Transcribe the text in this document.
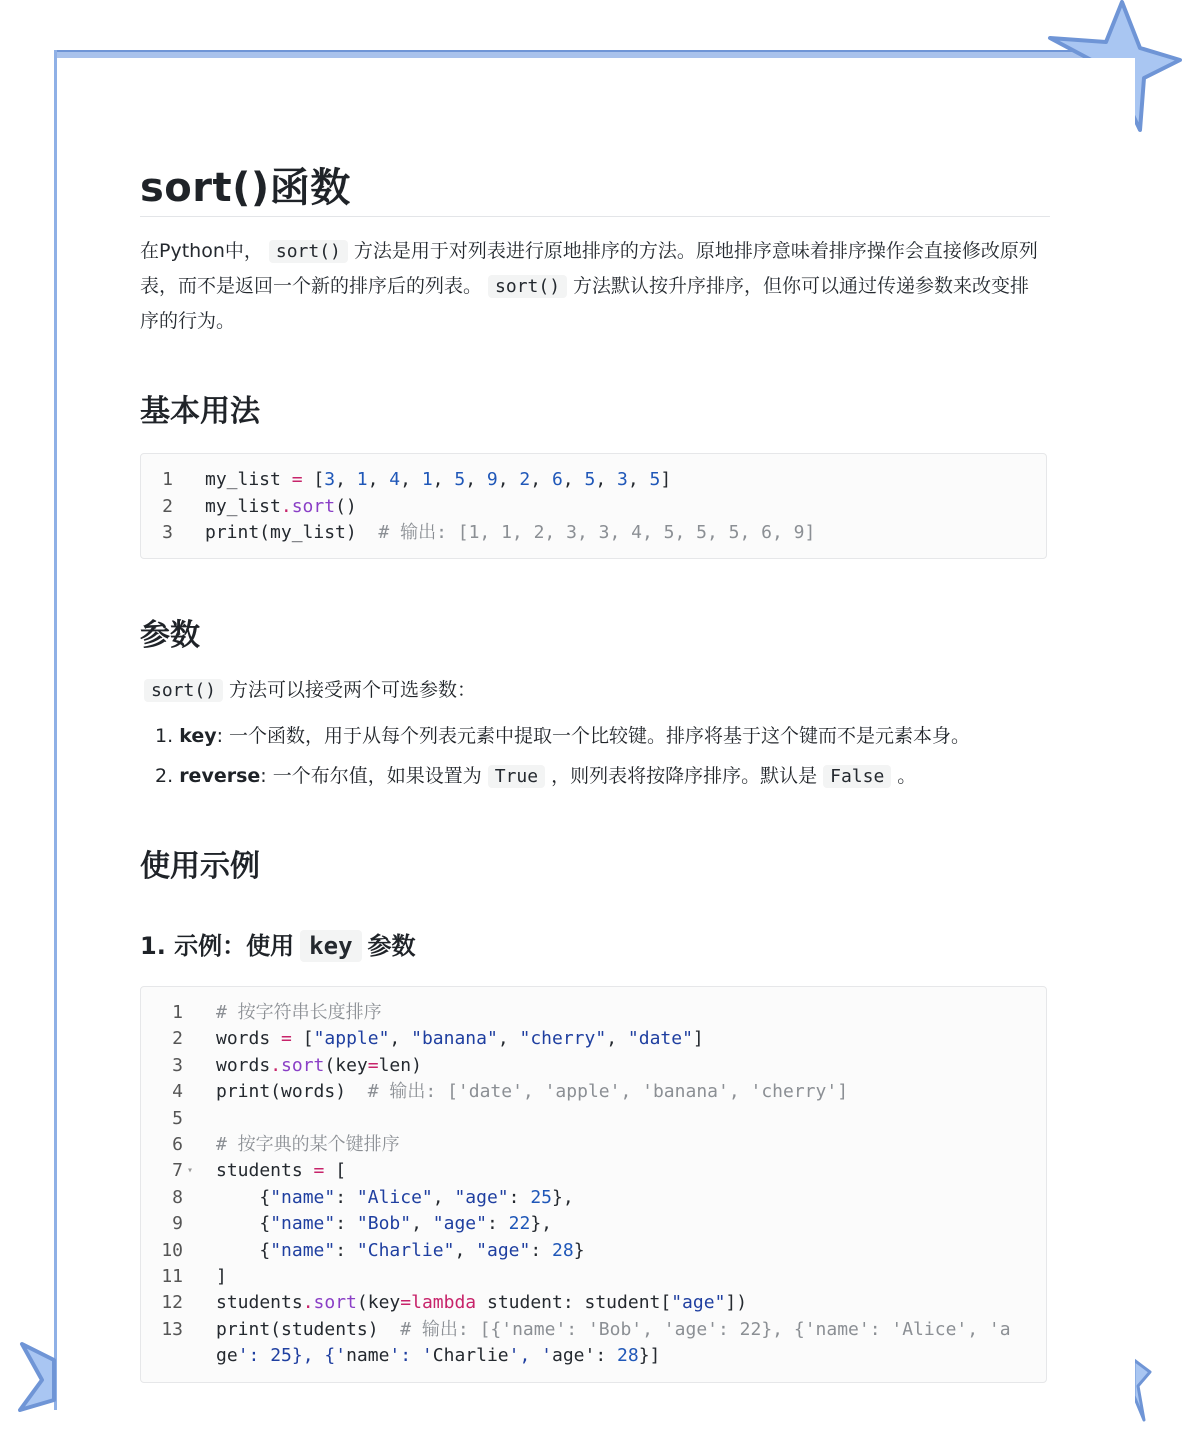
sort()函数

在Python中， sort() 方法是用于对列表进行原地排序的方法。原地排序意味着排序操作会直接修改原列表，而不是返回一个新的排序后的列表。 sort() 方法默认按升序排序，但你可以通过传递参数来改变排序的行为。

基本用法
1 my_list = [3, 1, 4, 1, 5, 9, 2, 6, 5, 3, 5]
2 my_list.sort()
3 print(my_list)  # 输出: [1, 1, 2, 3, 3, 4, 5, 5, 5, 6, 9]
参数

sort() 方法可以接受两个可选参数：

1. key: 一个函数，用于从每个列表元素中提取一个比较键。排序将基于这个键而不是元素本身。

2. reverse: 一个布尔值，如果设置为 True ，则列表将按降序排序。默认是 False 。

使用示例
1. 示例：使用 key 参数
1 # 按字符串长度排序
2 words = ["apple", "banana", "cherry", "date"]
3 words.sort(key=len)
4 print(words)  # 输出: ['date', 'apple', 'banana', 'cherry']
5
6 # 按字典的某个键排序
7 students = [
▾
8 {"name": "Alice", "age": 25},
9 {"name": "Bob", "age": 22},
10 {"name": "Charlie", "age": 28}
11 ]
12 students.sort(key=lambda student: student["age"])
13 print(students)  # 输出: [{'name': 'Bob', 'age': 22}, {'name': 'Alice', 'a
ge': 25}, {'name': 'Charlie', 'age': 28}]
